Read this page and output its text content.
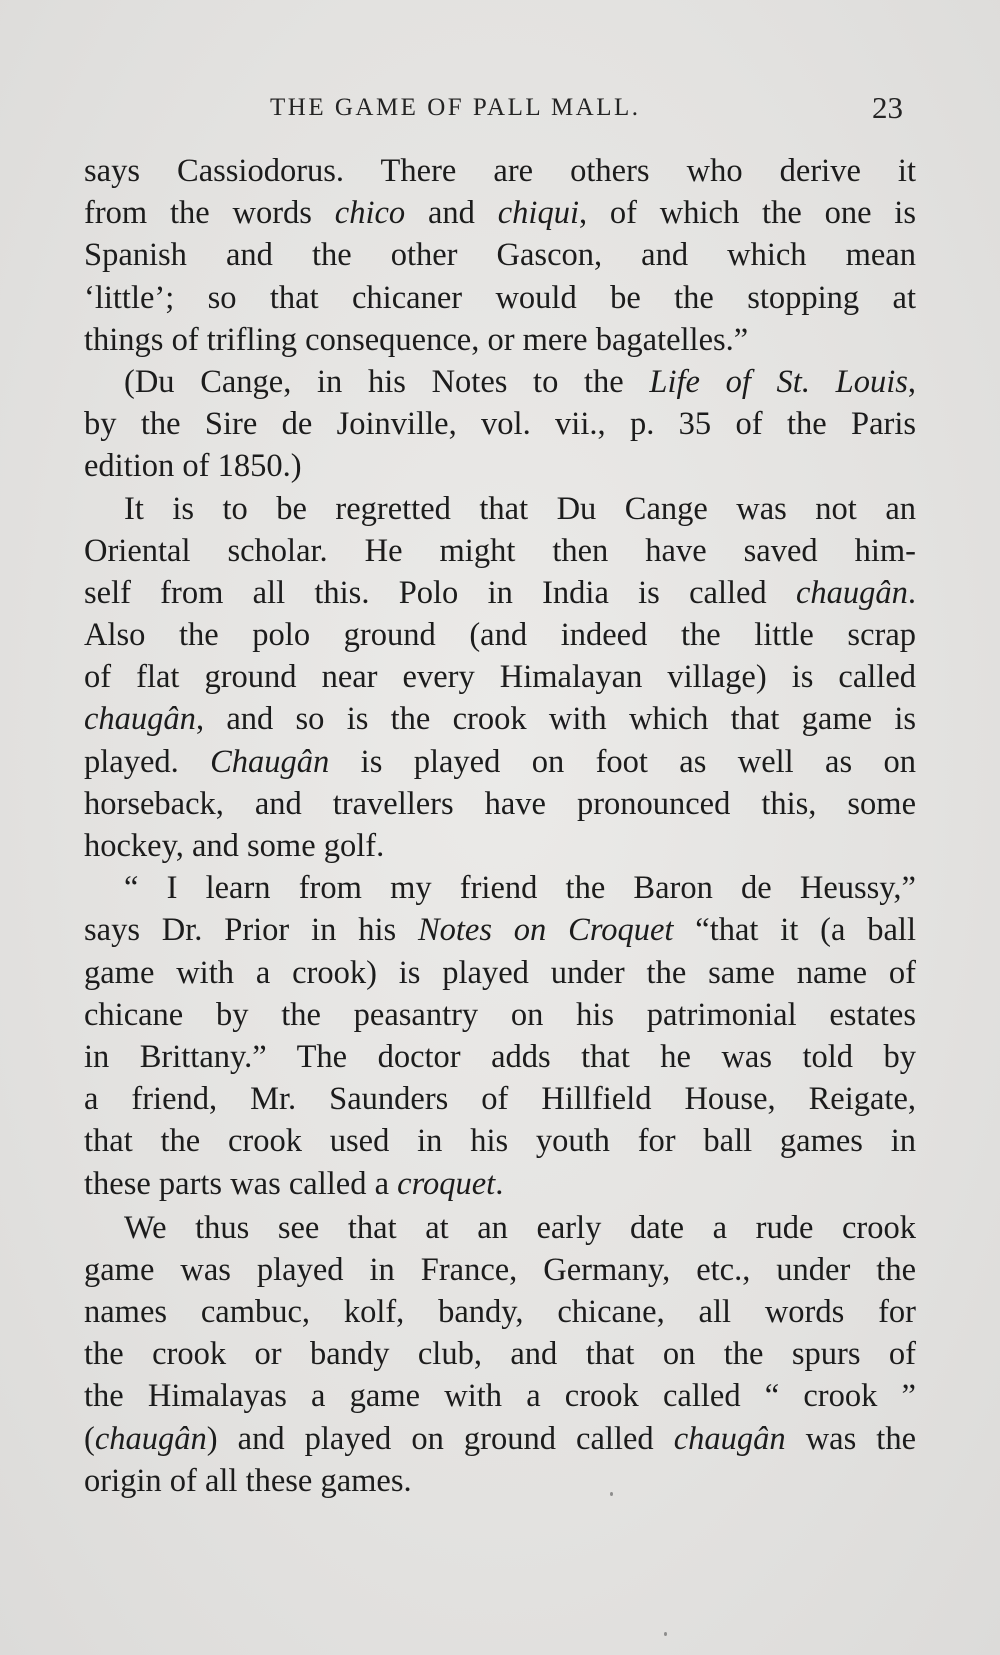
THE GAME OF PALL MALL.	23
says Cassiodorus. There are others who derive it
from the words chico and chiqui, of which the one is
Spanish and the other Gascon, and which mean
‘little’; so that chicaner would be the stopping at
things of trifling consequence, or mere bagatelles.”
(Du Cange, in his Notes to the Life of St. Louis,
by the Sire de Joinville, vol. vii., p. 35 of the Paris
edition of 1850.)
It is to be regretted that Du Cange was not an
Oriental scholar. He might then have saved him-
self from all this. Polo in India is called chaugân.
Also the polo ground (and indeed the little scrap
of flat ground near every Himalayan village) is called
chaugân, and so is the crook with which that game is
played. Chaugân is played on foot as well as on
horseback, and travellers have pronounced this, some
hockey, and some golf.
“ I learn from my friend the Baron de Heussy,”
says Dr. Prior in his Notes on Croquet “that it (a ball
game with a crook) is played under the same name of
chicane by the peasantry on his patrimonial estates
in Brittany.” The doctor adds that he was told by
a friend, Mr. Saunders of Hillfield House, Reigate,
that the crook used in his youth for ball games in
these parts was called a croquet.
We thus see that at an early date a rude crook
game was played in France, Germany, etc., under the
names cambuc, kolf, bandy, chicane, all words for
the crook or bandy club, and that on the spurs of
the Himalayas a game with a crook called “ crook ”
(chaugân) and played on ground called chaugân was the
origin of all these games.
